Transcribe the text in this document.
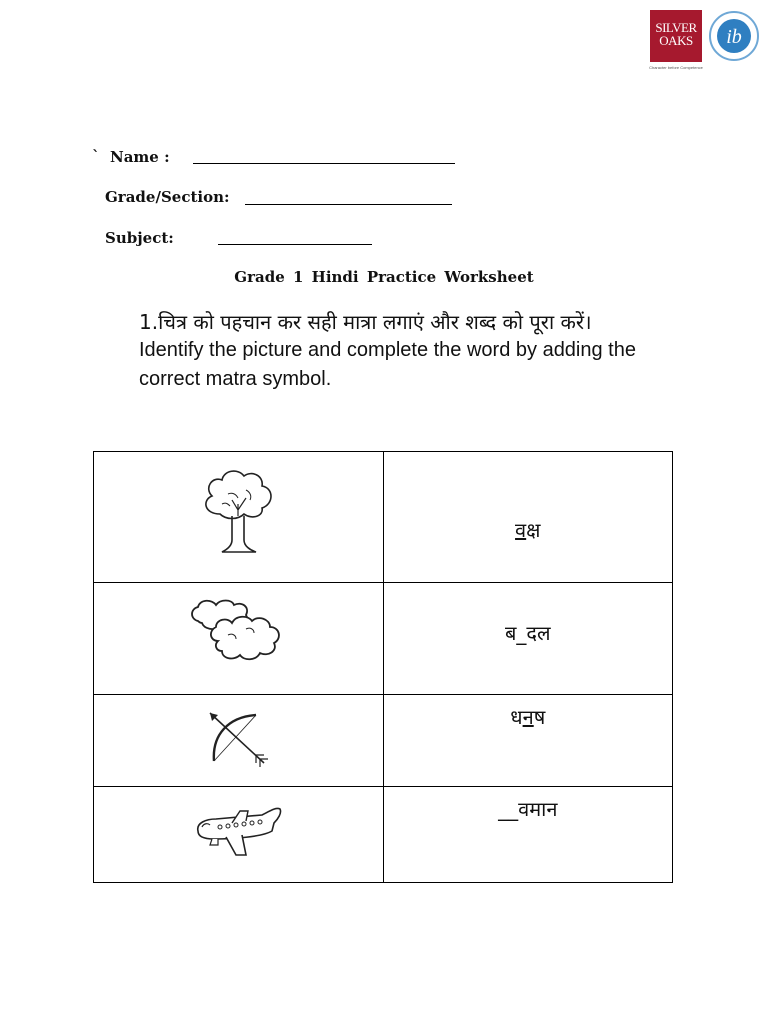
SILVER
OAKS
Character before Competence
ib
` Name :
Grade/Section:
Subject:
Grade 1 Hindi Practice Worksheet
1.चित्र को पहचान कर सही मात्रा लगाएं और शब्द को पूरा करें।
Identify the picture and complete the word by adding the correct matra symbol.

वक्ष

ब_दल

धनष

__वमान
